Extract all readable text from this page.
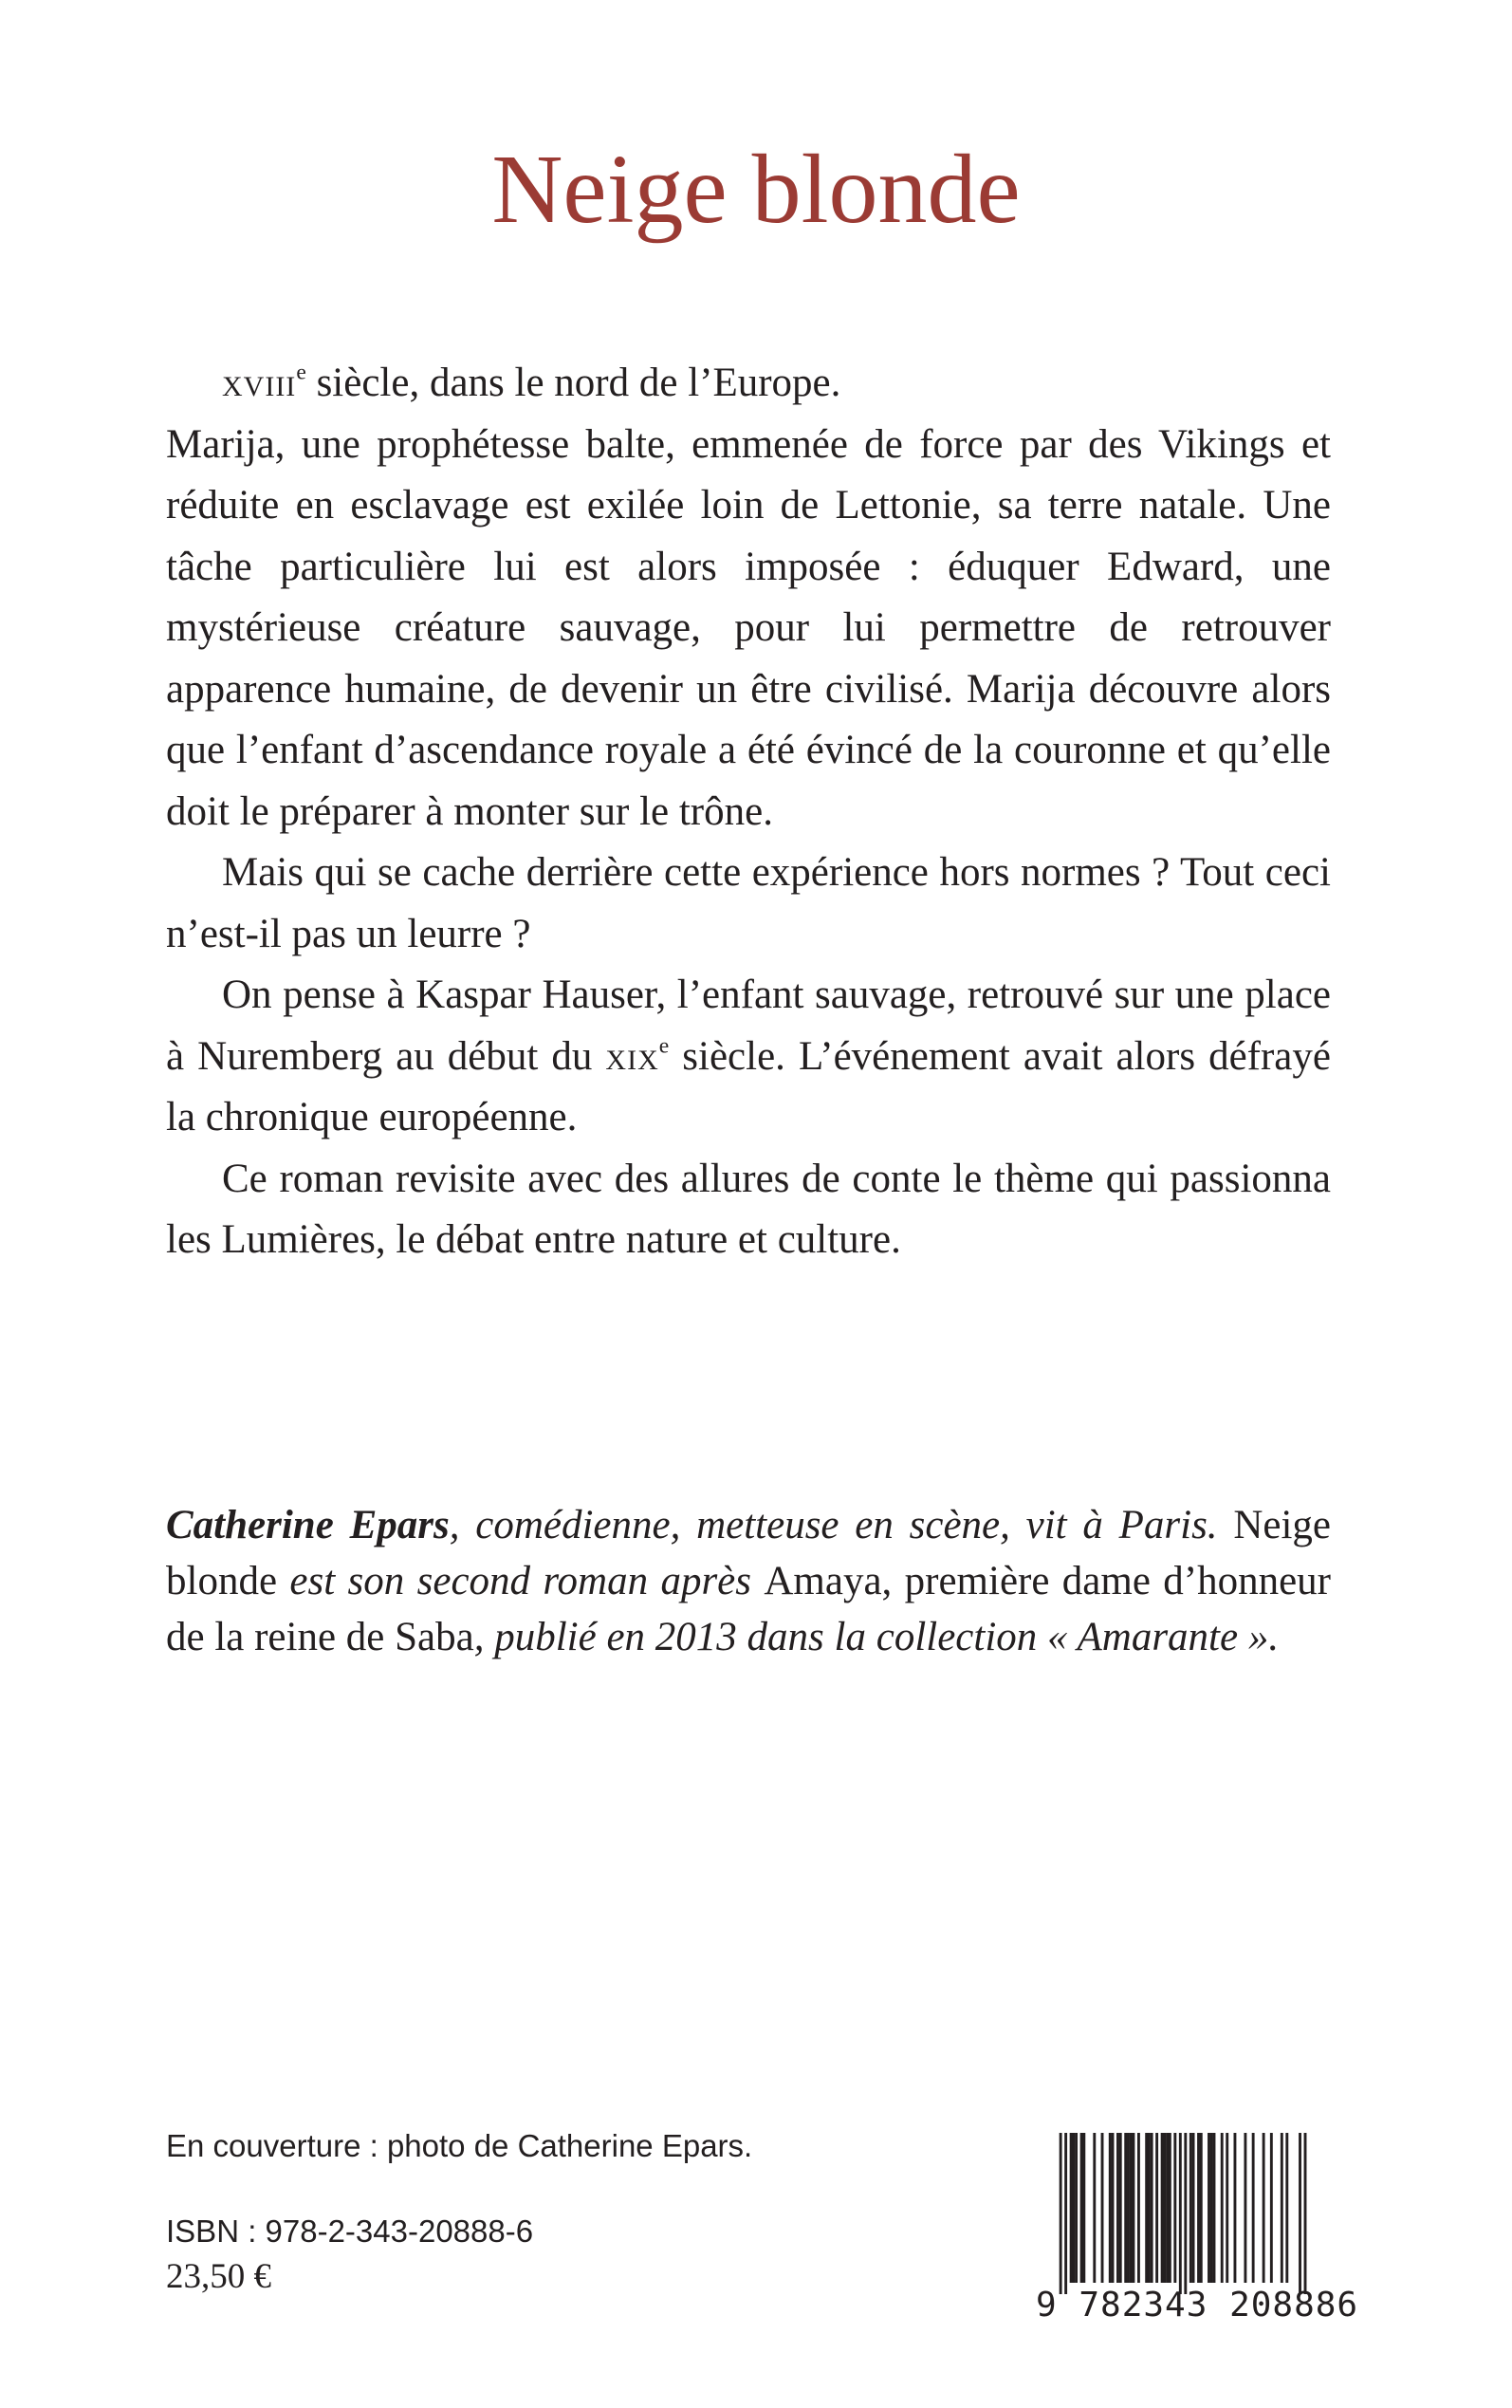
Neige blonde

xviii$^e$ siècle, dans le nord de l’Europe.

Marija, une prophétesse balte, emmenée de force par des Vikings et réduite en esclavage est exilée loin de Lettonie, sa terre natale. Une tâche particulière lui est alors imposée : éduquer Edward, une mystérieuse créature sauvage, pour lui permettre de retrouver apparence humaine, de devenir un être civilisé. Marija découvre alors que l’enfant d’ascendance royale a été évincé de la couronne et qu’elle doit le préparer à monter sur le trône.

Mais qui se cache derrière cette expérience hors normes ? Tout ceci n’est-il pas un leurre ?

On pense à Kaspar Hauser, l’enfant sauvage, retrouvé sur une place à Nuremberg au début du xix$^e$ siècle. L’événement avait alors défrayé la chronique européenne.

Ce roman revisite avec des allures de conte le thème qui passionna les Lumières, le débat entre nature et culture.

Catherine Epars, comédienne, metteuse en scène, vit à Paris. Neige blonde est son second roman après Amaya, première dame d’honneur de la reine de Saba, publié en 2013 dans la collection « Amarante ».

En couverture : photo de Catherine Epars.

ISBN : 978-2-343-20888-6

23,50 €

9 782343 208886
